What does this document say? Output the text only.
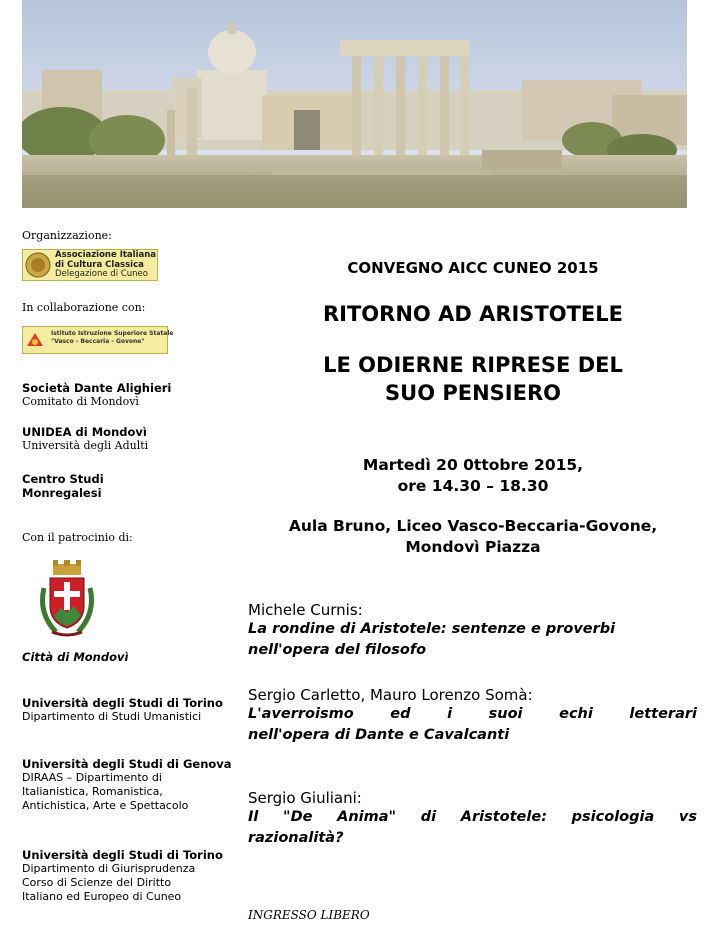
Organizzazione:
Associazione Italiana
di Cultura Classica
Delegazione di Cuneo
In collaborazione con:
Istituto Istruzione Superiore Statale
"Vasco - Beccaria - Govone"
Società Dante Alighieri
Comitato di Mondovì
UNIDEA di Mondovì
Università degli Adulti
Centro Studi
Monregalesi
Con il patrocinio di:
Città di Mondovì
Università degli Studi di Torino
Dipartimento di Studi Umanistici
Università degli Studi di Genova
DIRAAS – Dipartimento di
Italianistica, Romanistica,
Antichistica, Arte e Spettacolo
Università degli Studi di Torino
Dipartimento di Giurisprudenza
Corso di Scienze del Diritto
Italiano ed Europeo di Cuneo
CONVEGNO AICC CUNEO 2015
RITORNO AD ARISTOTELE
LE ODIERNE RIPRESE DEL
SUO PENSIERO
Martedì 20 0ttobre 2015,
ore 14.30 – 18.30
Aula Bruno, Liceo Vasco-Beccaria-Govone,
Mondovì Piazza
Michele Curnis:
La rondine di Aristotele: sentenze e proverbi
nell'opera del filosofo
Sergio Carletto, Mauro Lorenzo Somà:
L'averroismo ed i suoi echi letterari
nell'opera di Dante e Cavalcanti
Sergio Giuliani:
Il "De Anima" di Aristotele: psicologia vs
razionalità?
INGRESSO LIBERO
